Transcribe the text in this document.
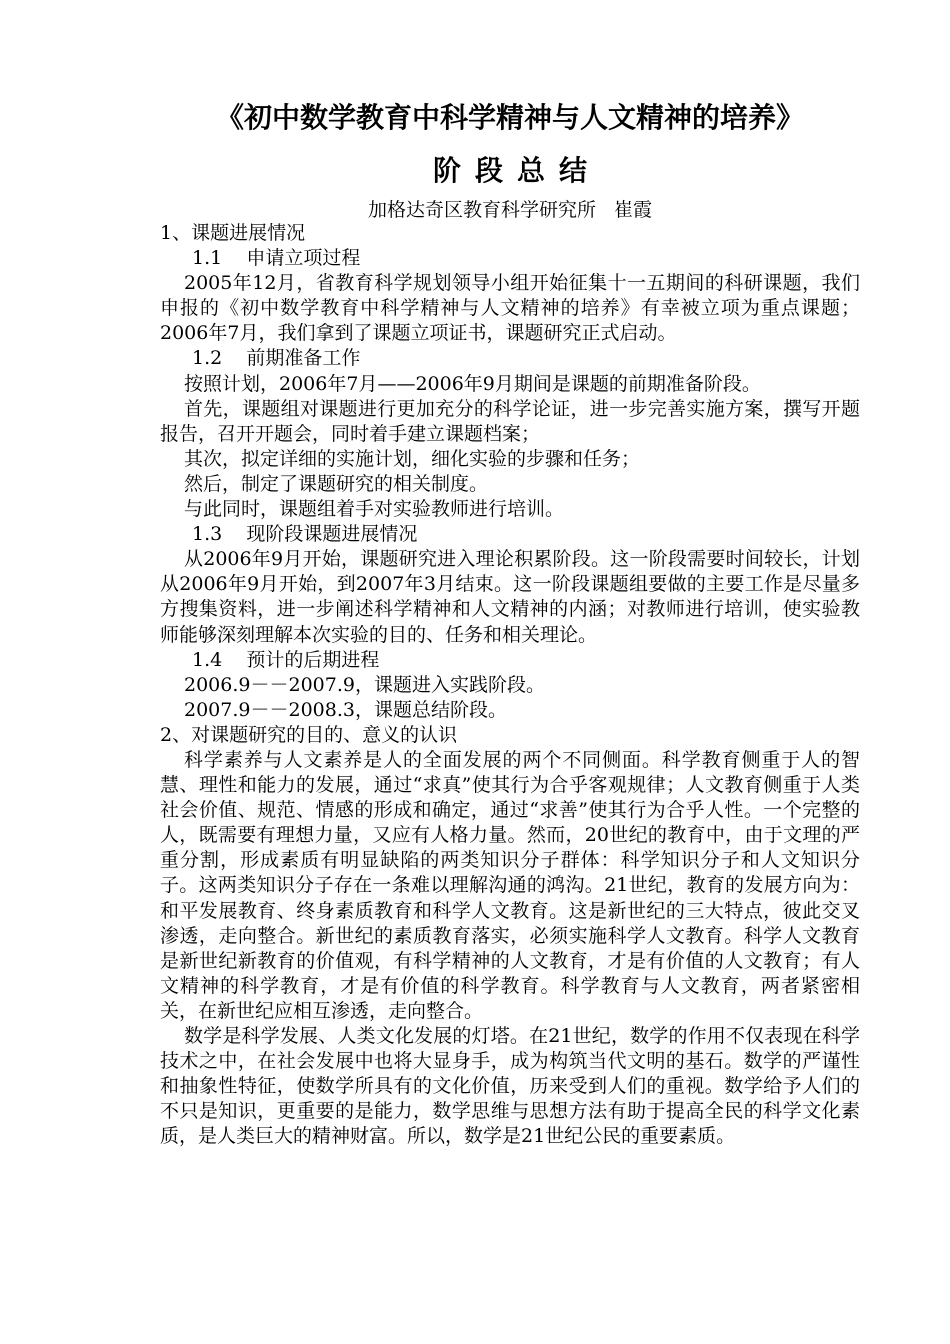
《初中数学教育中科学精神与人文精神的培养》
阶段总结
加格达奇区教育科学研究所   崔霞

1、课题进展情况

1.1    申请立项过程

2005年12月，省教育科学规划领导小组开始征集十一五期间的科研课题，我们申报的《初中数学教育中科学精神与人文精神的培养》有幸被立项为重点课题；2006年7月，我们拿到了课题立项证书，课题研究正式启动。

1.2    前期准备工作

按照计划，2006年7月——2006年9月期间是课题的前期准备阶段。

首先，课题组对课题进行更加充分的科学论证，进一步完善实施方案，撰写开题报告，召开开题会，同时着手建立课题档案；

其次，拟定详细的实施计划，细化实验的步骤和任务；

然后，制定了课题研究的相关制度。

与此同时，课题组着手对实验教师进行培训。

1.3    现阶段课题进展情况

从2006年9月开始，课题研究进入理论积累阶段。这一阶段需要时间较长，计划从2006年9月开始，到2007年3月结束。这一阶段课题组要做的主要工作是尽量多方搜集资料，进一步阐述科学精神和人文精神的内涵；对教师进行培训，使实验教师能够深刻理解本次实验的目的、任务和相关理论。

1.4    预计的后期进程

2006.9－－2007.9，课题进入实践阶段。

2007.9－－2008.3，课题总结阶段。

2、对课题研究的目的、意义的认识

科学素养与人文素养是人的全面发展的两个不同侧面。科学教育侧重于人的智慧、理性和能力的发展，通过“求真”使其行为合乎客观规律；人文教育侧重于人类社会价值、规范、情感的形成和确定，通过“求善”使其行为合乎人性。一个完整的人，既需要有理想力量，又应有人格力量。然而，20世纪的教育中，由于文理的严重分割，形成素质有明显缺陷的两类知识分子群体：科学知识分子和人文知识分子。这两类知识分子存在一条难以理解沟通的鸿沟。21世纪，教育的发展方向为：和平发展教育、终身素质教育和科学人文教育。这是新世纪的三大特点，彼此交叉渗透，走向整合。新世纪的素质教育落实，必须实施科学人文教育。科学人文教育是新世纪新教育的价值观，有科学精神的人文教育，才是有价值的人文教育；有人文精神的科学教育，才是有价值的科学教育。科学教育与人文教育，两者紧密相关，在新世纪应相互渗透，走向整合。

数学是科学发展、人类文化发展的灯塔。在21世纪，数学的作用不仅表现在科学技术之中，在社会发展中也将大显身手，成为构筑当代文明的基石。数学的严谨性和抽象性特征，使数学所具有的文化价值，历来受到人们的重视。数学给予人们的不只是知识，更重要的是能力，数学思维与思想方法有助于提高全民的科学文化素质，是人类巨大的精神财富。所以，数学是21世纪公民的重要素质。
